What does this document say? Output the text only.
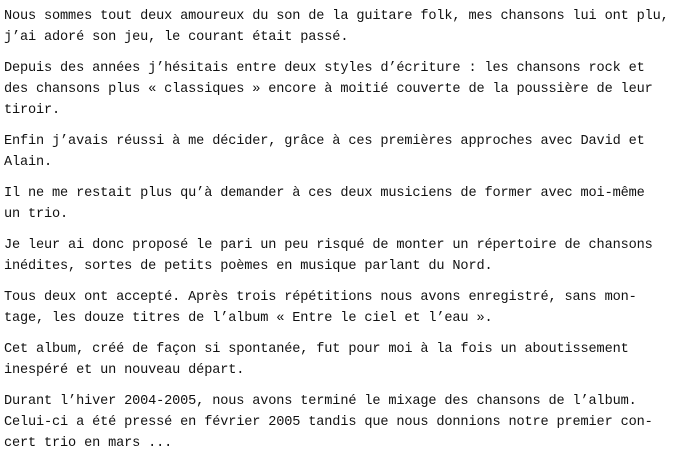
Nous sommes tout deux amoureux du son de la guitare folk, mes chansons lui ont plu,
j’ai adoré son jeu, le courant était passé.

Depuis des années j’hésitais entre deux styles d’écriture : les chansons rock et
des chansons plus « classiques » encore à moitié couverte de la poussière de leur
tiroir.

Enfin j’avais réussi à me décider, grâce à ces premières approches avec David et
Alain.

Il ne me restait plus qu’à demander à ces deux musiciens de former avec moi-même
un trio.

Je leur ai donc proposé le pari un peu risqué de monter un répertoire de chansons
inédites, sortes de petits poèmes en musique parlant du Nord.

Tous deux ont accepté. Après trois répétitions nous avons enregistré, sans mon-
tage, les douze titres de l’album « Entre le ciel et l’eau ».

Cet album, créé de façon si spontanée, fut pour moi à la fois un aboutissement
inespéré et un nouveau départ.

Durant l’hiver 2004-2005, nous avons terminé le mixage des chansons de l’album.
Celui-ci a été pressé en février 2005 tandis que nous donnions notre premier con-
cert trio en mars ...
